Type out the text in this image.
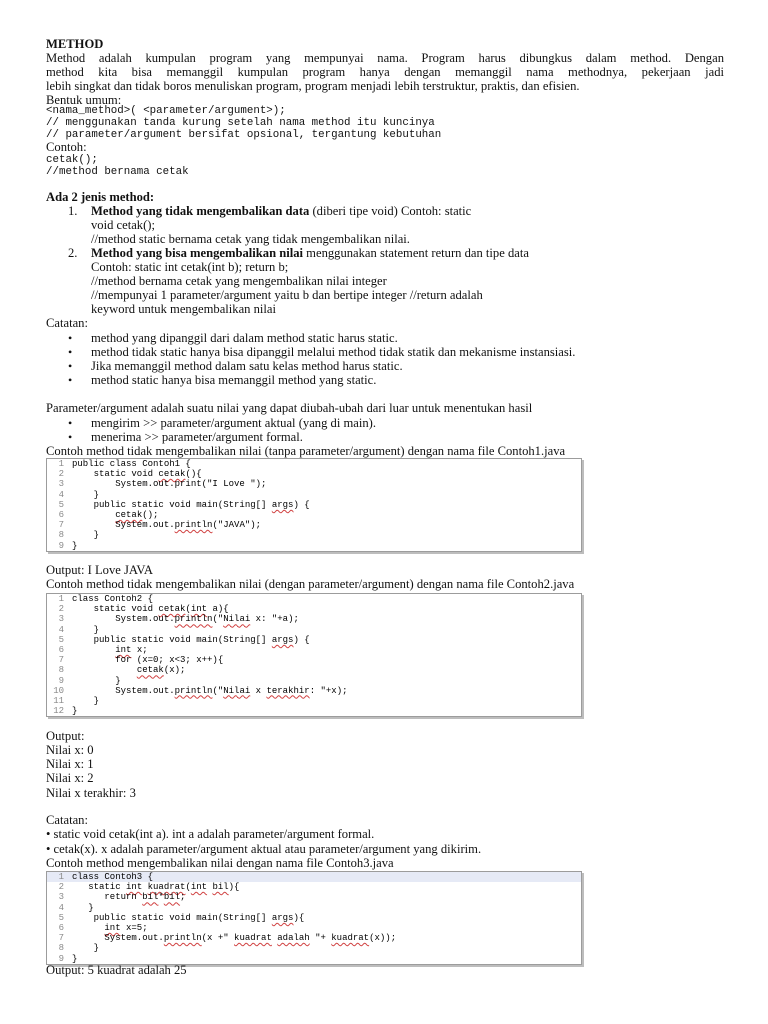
METHOD
Method adalah kumpulan program yang mempunyai nama. Program harus dibungkus dalam method. Dengan
method kita bisa memanggil kumpulan program hanya dengan memanggil nama methodnya, pekerjaan jadi
lebih singkat dan tidak boros menuliskan program, program menjadi lebih terstruktur, praktis, dan efisien.
Bentuk umum:
<nama_method>( <parameter/argument>);
// menggunakan tanda kurung setelah nama method itu kuncinya
// parameter/argument bersifat opsional, tergantung kebutuhan
Contoh:
cetak();
//method bernama cetak
Ada 2 jenis method:
1. Method yang tidak mengembalikan data (diberi tipe void) Contoh: static
void cetak();
//method static bernama cetak yang tidak mengembalikan nilai.
2. Method yang bisa mengembalikan nilai menggunakan statement return dan tipe data
Contoh: static int cetak(int b); return b;
//method bernama cetak yang mengembalikan nilai integer
//mempunyai 1 parameter/argument yaitu b dan bertipe integer //return adalah
keyword untuk mengembalikan nilai
Catatan:
• method yang dipanggil dari dalam method static harus static.
• method tidak static hanya bisa dipanggil melalui method tidak statik dan mekanisme instansiasi.
• Jika memanggil method dalam satu kelas method harus static.
• method static hanya bisa memanggil method yang static.
Parameter/argument adalah suatu nilai yang dapat diubah-ubah dari luar untuk menentukan hasil
• mengirim >> parameter/argument aktual (yang di main).
• menerima >> parameter/argument formal.
Contoh method tidak mengembalikan nilai (tanpa parameter/argument) dengan nama file Contoh1.java
1 public class Contoh1 {
2 static void cetak(){
3 System.out.print("I Love ");
4 }
5 public static void main(String[] args) {
6	cetak();
7 System.out.println("JAVA");
8 }
9 }
Output: I Love JAVA
Contoh method tidak mengembalikan nilai (dengan parameter/argument) dengan nama file Contoh2.java
1 class Contoh2 {
2 static void cetak(int a){
3 System.out.println("Nilai x: "+a);
4 }
5 public static void main(String[] args) {
6	int x;
7 for (x=0; x<3; x++){
8	cetak(x);
9 }
10 System.out.println("Nilai x terakhir: "+x);
11 }
12 }
Output:
Nilai x: 0
Nilai x: 1
Nilai x: 2
Nilai x terakhir: 3
Catatan:
• static void cetak(int a). int a adalah parameter/argument formal.
• cetak(x). x adalah parameter/argument aktual atau parameter/argument yang dikirim.
Contoh method mengembalikan nilai dengan nama file Contoh3.java
1 class Contoh3 {
2 static int kuadrat(int bil){
3 return bil*bil;
4 }
5 public static void main(String[] args){
6	int x=5;
7 System.out.println(x +" kuadrat adalah "+ kuadrat(x));
8 }
9 }
Output: 5 kuadrat adalah 25
